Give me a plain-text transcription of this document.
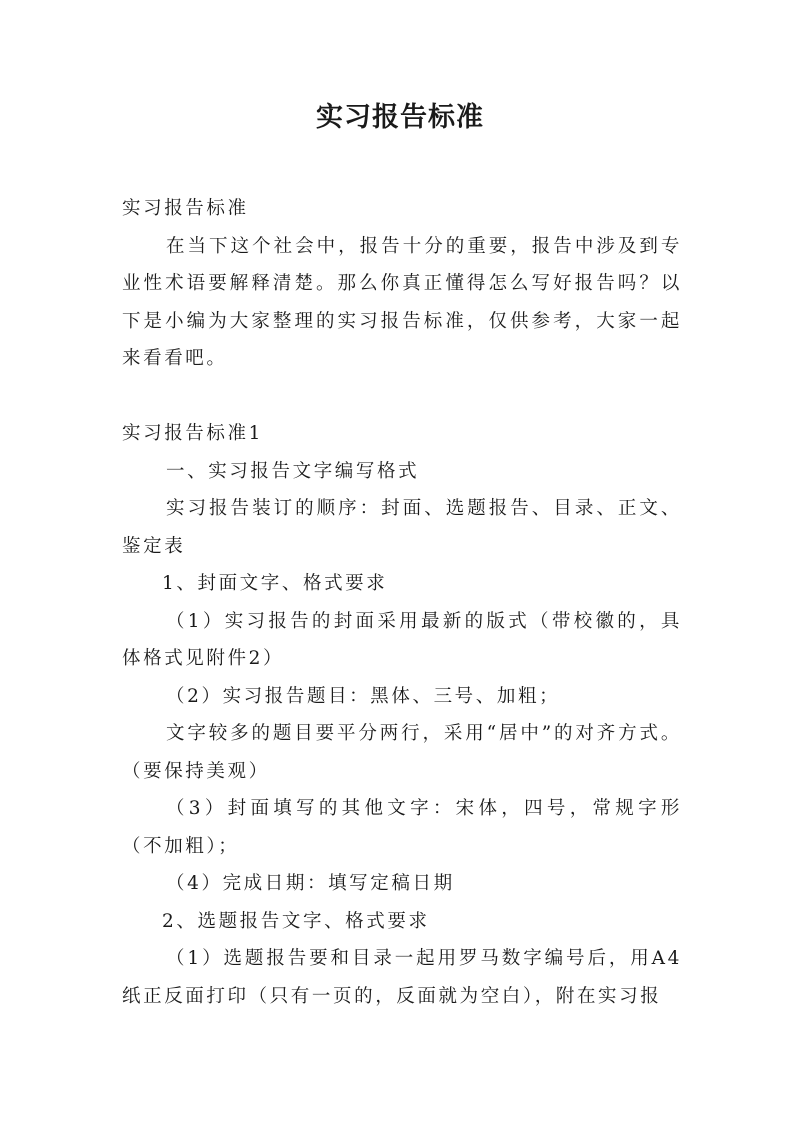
实习报告标准

实习报告标准

在当下这个社会中，报告十分的重要，报告中涉及到专业性术语要解释清楚。那么你真正懂得怎么写好报告吗？以下是小编为大家整理的实习报告标准，仅供参考，大家一起来看看吧。

实习报告标准1

一、实习报告文字编写格式

实习报告装订的顺序：封面、选题报告、目录、正文、鉴定表

1、封面文字、格式要求

（1）实习报告的封面采用最新的版式（带校徽的，具体格式见附件2）

（2）实习报告题目：黑体、三号、加粗；

文字较多的题目要平分两行，采用“居中”的对齐方式。（要保持美观）

（3）封面填写的其他文字：宋体，四号，常规字形（不加粗）；

（4）完成日期：填写定稿日期

2、选题报告文字、格式要求

（1）选题报告要和目录一起用罗马数字编号后，用A4纸正反面打印（只有一页的，反面就为空白），附在实习报
